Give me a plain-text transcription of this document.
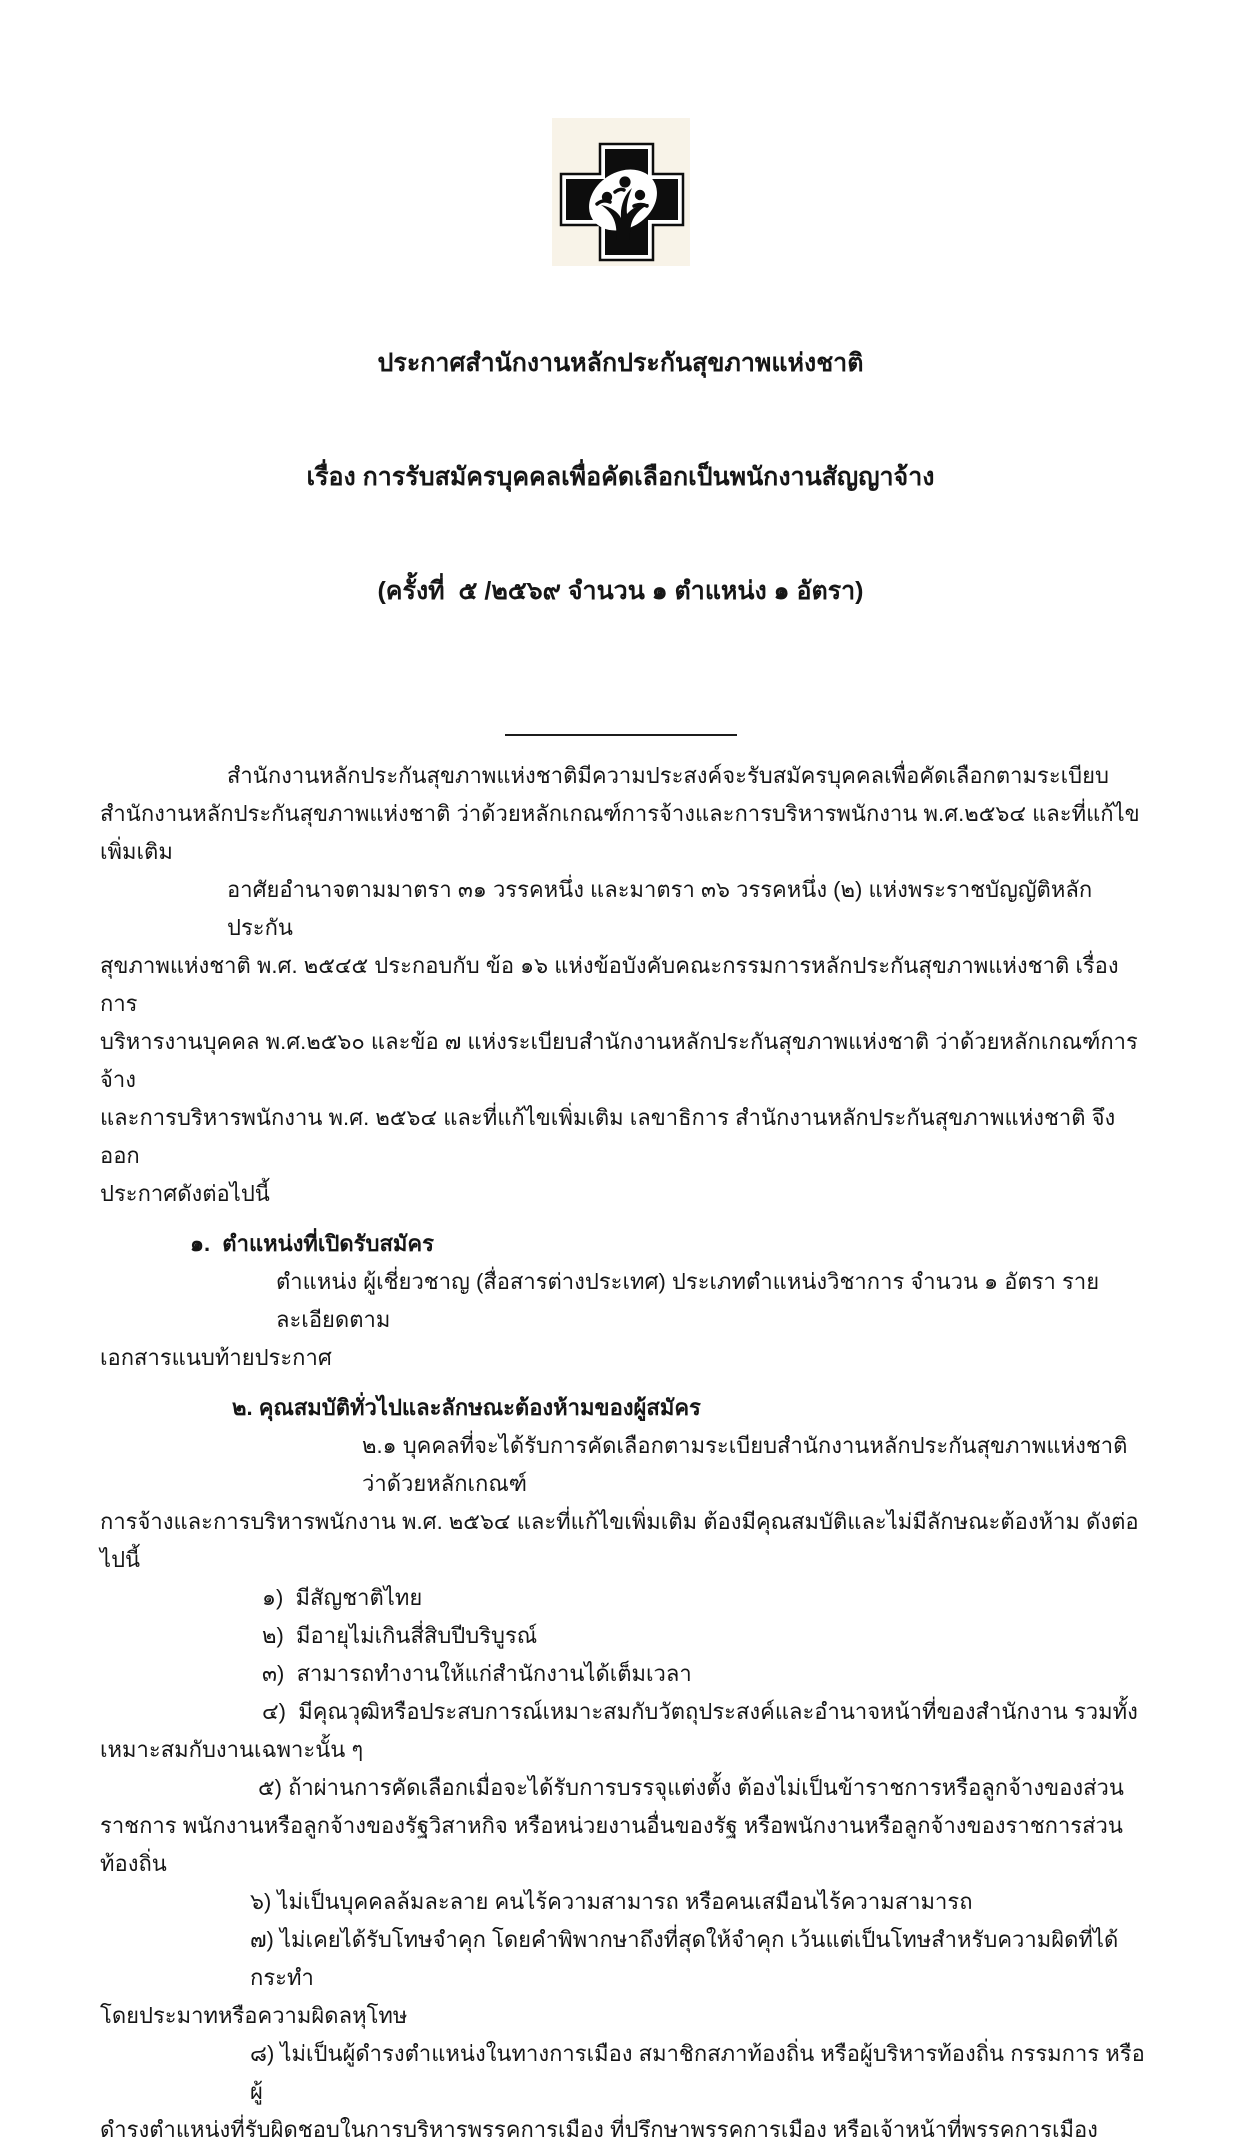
ประกาศสำนักงานหลักประกันสุขภาพแห่งชาติ

เรื่อง การรับสมัครบุคคลเพื่อคัดเลือกเป็นพนักงานสัญญาจ้าง

(ครั้งที่  ๕ /๒๕๖๙ จำนวน ๑ ตำแหน่ง ๑ อัตรา)

สำนักงานหลักประกันสุขภาพแห่งชาติมีความประสงค์จะรับสมัครบุคคลเพื่อคัดเลือกตามระเบียบ
สำนักงานหลักประกันสุขภาพแห่งชาติ ว่าด้วยหลักเกณฑ์การจ้างและการบริหารพนักงาน พ.ศ.๒๕๖๔ และที่แก้ไข
เพิ่มเติม
อาศัยอำนาจตามมาตรา ๓๑ วรรคหนึ่ง และมาตรา ๓๖ วรรคหนึ่ง (๒) แห่งพระราชบัญญัติหลักประกัน
สุขภาพแห่งชาติ พ.ศ. ๒๕๔๕ ประกอบกับ ข้อ ๑๖ แห่งข้อบังคับคณะกรรมการหลักประกันสุขภาพแห่งชาติ เรื่องการ
บริหารงานบุคคล พ.ศ.๒๕๖๐ และข้อ ๗ แห่งระเบียบสำนักงานหลักประกันสุขภาพแห่งชาติ ว่าด้วยหลักเกณฑ์การจ้าง
และการบริหารพนักงาน พ.ศ. ๒๕๖๔ และที่แก้ไขเพิ่มเติม เลขาธิการ สำนักงานหลักประกันสุขภาพแห่งชาติ จึงออก
ประกาศดังต่อไปนี้
๑.  ตำแหน่งที่เปิดรับสมัคร
ตำแหน่ง ผู้เชี่ยวชาญ (สื่อสารต่างประเทศ) ประเภทตำแหน่งวิชาการ จำนวน ๑ อัตรา รายละเอียดตาม
เอกสารแนบท้ายประกาศ
๒. คุณสมบัติทั่วไปและลักษณะต้องห้ามของผู้สมัคร
๒.๑ บุคคลที่จะได้รับการคัดเลือกตามระเบียบสำนักงานหลักประกันสุขภาพแห่งชาติ ว่าด้วยหลักเกณฑ์
การจ้างและการบริหารพนักงาน พ.ศ. ๒๕๖๔ และที่แก้ไขเพิ่มเติม ต้องมีคุณสมบัติและไม่มีลักษณะต้องห้าม ดังต่อไปนี้
๑)  มีสัญชาติไทย
๒)  มีอายุไม่เกินสี่สิบปีบริบูรณ์
๓)  สามารถทำงานให้แก่สำนักงานได้เต็มเวลา
๔)  มีคุณวุฒิหรือประสบการณ์เหมาะสมกับวัตถุประสงค์และอำนาจหน้าที่ของสำนักงาน รวมทั้ง
เหมาะสมกับงานเฉพาะนั้น ๆ
๕) ถ้าผ่านการคัดเลือกเมื่อจะได้รับการบรรจุแต่งตั้ง ต้องไม่เป็นข้าราชการหรือลูกจ้างของส่วน
ราชการ พนักงานหรือลูกจ้างของรัฐวิสาหกิจ หรือหน่วยงานอื่นของรัฐ หรือพนักงานหรือลูกจ้างของราชการส่วน
ท้องถิ่น
๖) ไม่เป็นบุคคลล้มละลาย คนไร้ความสามารถ หรือคนเสมือนไร้ความสามารถ
๗) ไม่เคยได้รับโทษจำคุก โดยคำพิพากษาถึงที่สุดให้จำคุก เว้นแต่เป็นโทษสำหรับความผิดที่ได้กระทำ
โดยประมาทหรือความผิดลหุโทษ
๘) ไม่เป็นผู้ดำรงตำแหน่งในทางการเมือง สมาชิกสภาท้องถิ่น หรือผู้บริหารท้องถิ่น กรรมการ หรือผู้
ดำรงตำแหน่งที่รับผิดชอบในการบริหารพรรคการเมือง ที่ปรึกษาพรรคการเมือง หรือเจ้าหน้าที่พรรคการเมือง
